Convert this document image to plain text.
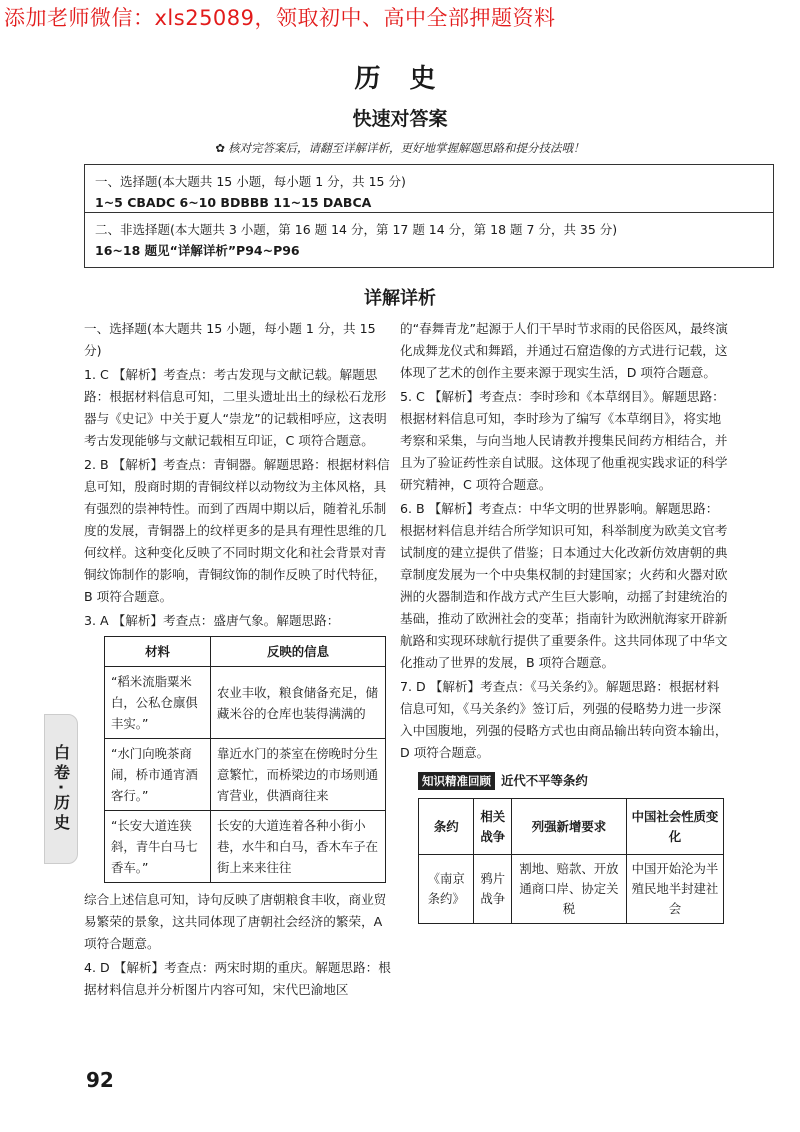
添加老师微信：xls25089，领取初中、高中全部押题资料
历 史
快速对答案
✿ 核对完答案后，请翻至详解详析，更好地掌握解题思路和提分技法哦！
一、选择题(本大题共 15 小题，每小题 1 分，共 15 分)
1~5 CBADC 6~10 BDBBB 11~15 DABCA
二、非选择题(本大题共 3 小题，第 16 题 14 分，第 17 题 14 分，第 18 题 7 分，共 35 分)
16~18 题见“详解详析”P94~P96
详解详析
一、选择题(本大题共 15 小题，每小题 1 分，共 15 分)
1. C 【解析】考查点：考古发现与文献记载。解题思路：根据材料信息可知，二里头遗址出土的绿松石龙形器与《史记》中关于夏人“崇龙”的记载相呼应，这表明考古发现能够与文献记载相互印证，C 项符合题意。
2. B 【解析】考查点：青铜器。解题思路：根据材料信息可知，殷商时期的青铜纹样以动物纹为主体风格，具有强烈的崇神特性。而到了西周中期以后，随着礼乐制度的发展，青铜器上的纹样更多的是具有理性思维的几何纹样。这种变化反映了不同时期文化和社会背景对青铜纹饰制作的影响，青铜纹饰的制作反映了时代特征，B 项符合题意。
3. A 【解析】考查点：盛唐气象。解题思路：
材料	反映的信息
“稻米流脂粟米白，公私仓廪俱丰实。”	农业丰收，粮食储备充足，储藏米谷的仓库也装得满满的
“水门向晚茶商闹，桥市通宵酒客行。”	靠近水门的茶室在傍晚时分生意繁忙，而桥梁边的市场则通宵营业，供酒商往来
“长安大道连狭斜，青牛白马七香车。”	长安的大道连着各种小街小巷，水牛和白马，香木车子在街上来来往往
综合上述信息可知，诗句反映了唐朝粮食丰收，商业贸易繁荣的景象，这共同体现了唐朝社会经济的繁荣，A 项符合题意。
4. D 【解析】考查点：两宋时期的重庆。解题思路：根据材料信息并分析图片内容可知，宋代巴渝地区
的“春舞青龙”起源于人们干旱时节求雨的民俗医风，最终演化成舞龙仪式和舞蹈，并通过石窟造像的方式进行记载，这体现了艺术的创作主要来源于现实生活，D 项符合题意。
5. C 【解析】考查点：李时珍和《本草纲目》。解题思路：根据材料信息可知，李时珍为了编写《本草纲目》，将实地考察和采集，与向当地人民请教并搜集民间药方相结合，并且为了验证药性亲自试服。这体现了他重视实践求证的科学研究精神，C 项符合题意。
6. B 【解析】考查点：中华文明的世界影响。解题思路：根据材料信息并结合所学知识可知，科举制度为欧美文官考试制度的建立提供了借鉴；日本通过大化改新仿效唐朝的典章制度发展为一个中央集权制的封建国家；火药和火器对欧洲的火器制造和作战方式产生巨大影响，动摇了封建统治的基础，推动了欧洲社会的变革；指南针为欧洲航海家开辟新航路和实现环球航行提供了重要条件。这共同体现了中华文化推动了世界的发展，B 项符合题意。
7. D 【解析】考查点：《马关条约》。解题思路：根据材料信息可知，《马关条约》签订后，列强的侵略势力进一步深入中国腹地，列强的侵略方式也由商品输出转向资本输出，D 项符合题意。
知识精准回顾 近代不平等条约
条约	相关战争	列强新增要求	中国社会性质变化
《南京条约》	鸦片战争	割地、赔款、开放通商口岸、协定关税	中国开始沦为半殖民地半封建社会
白卷·历史
92
